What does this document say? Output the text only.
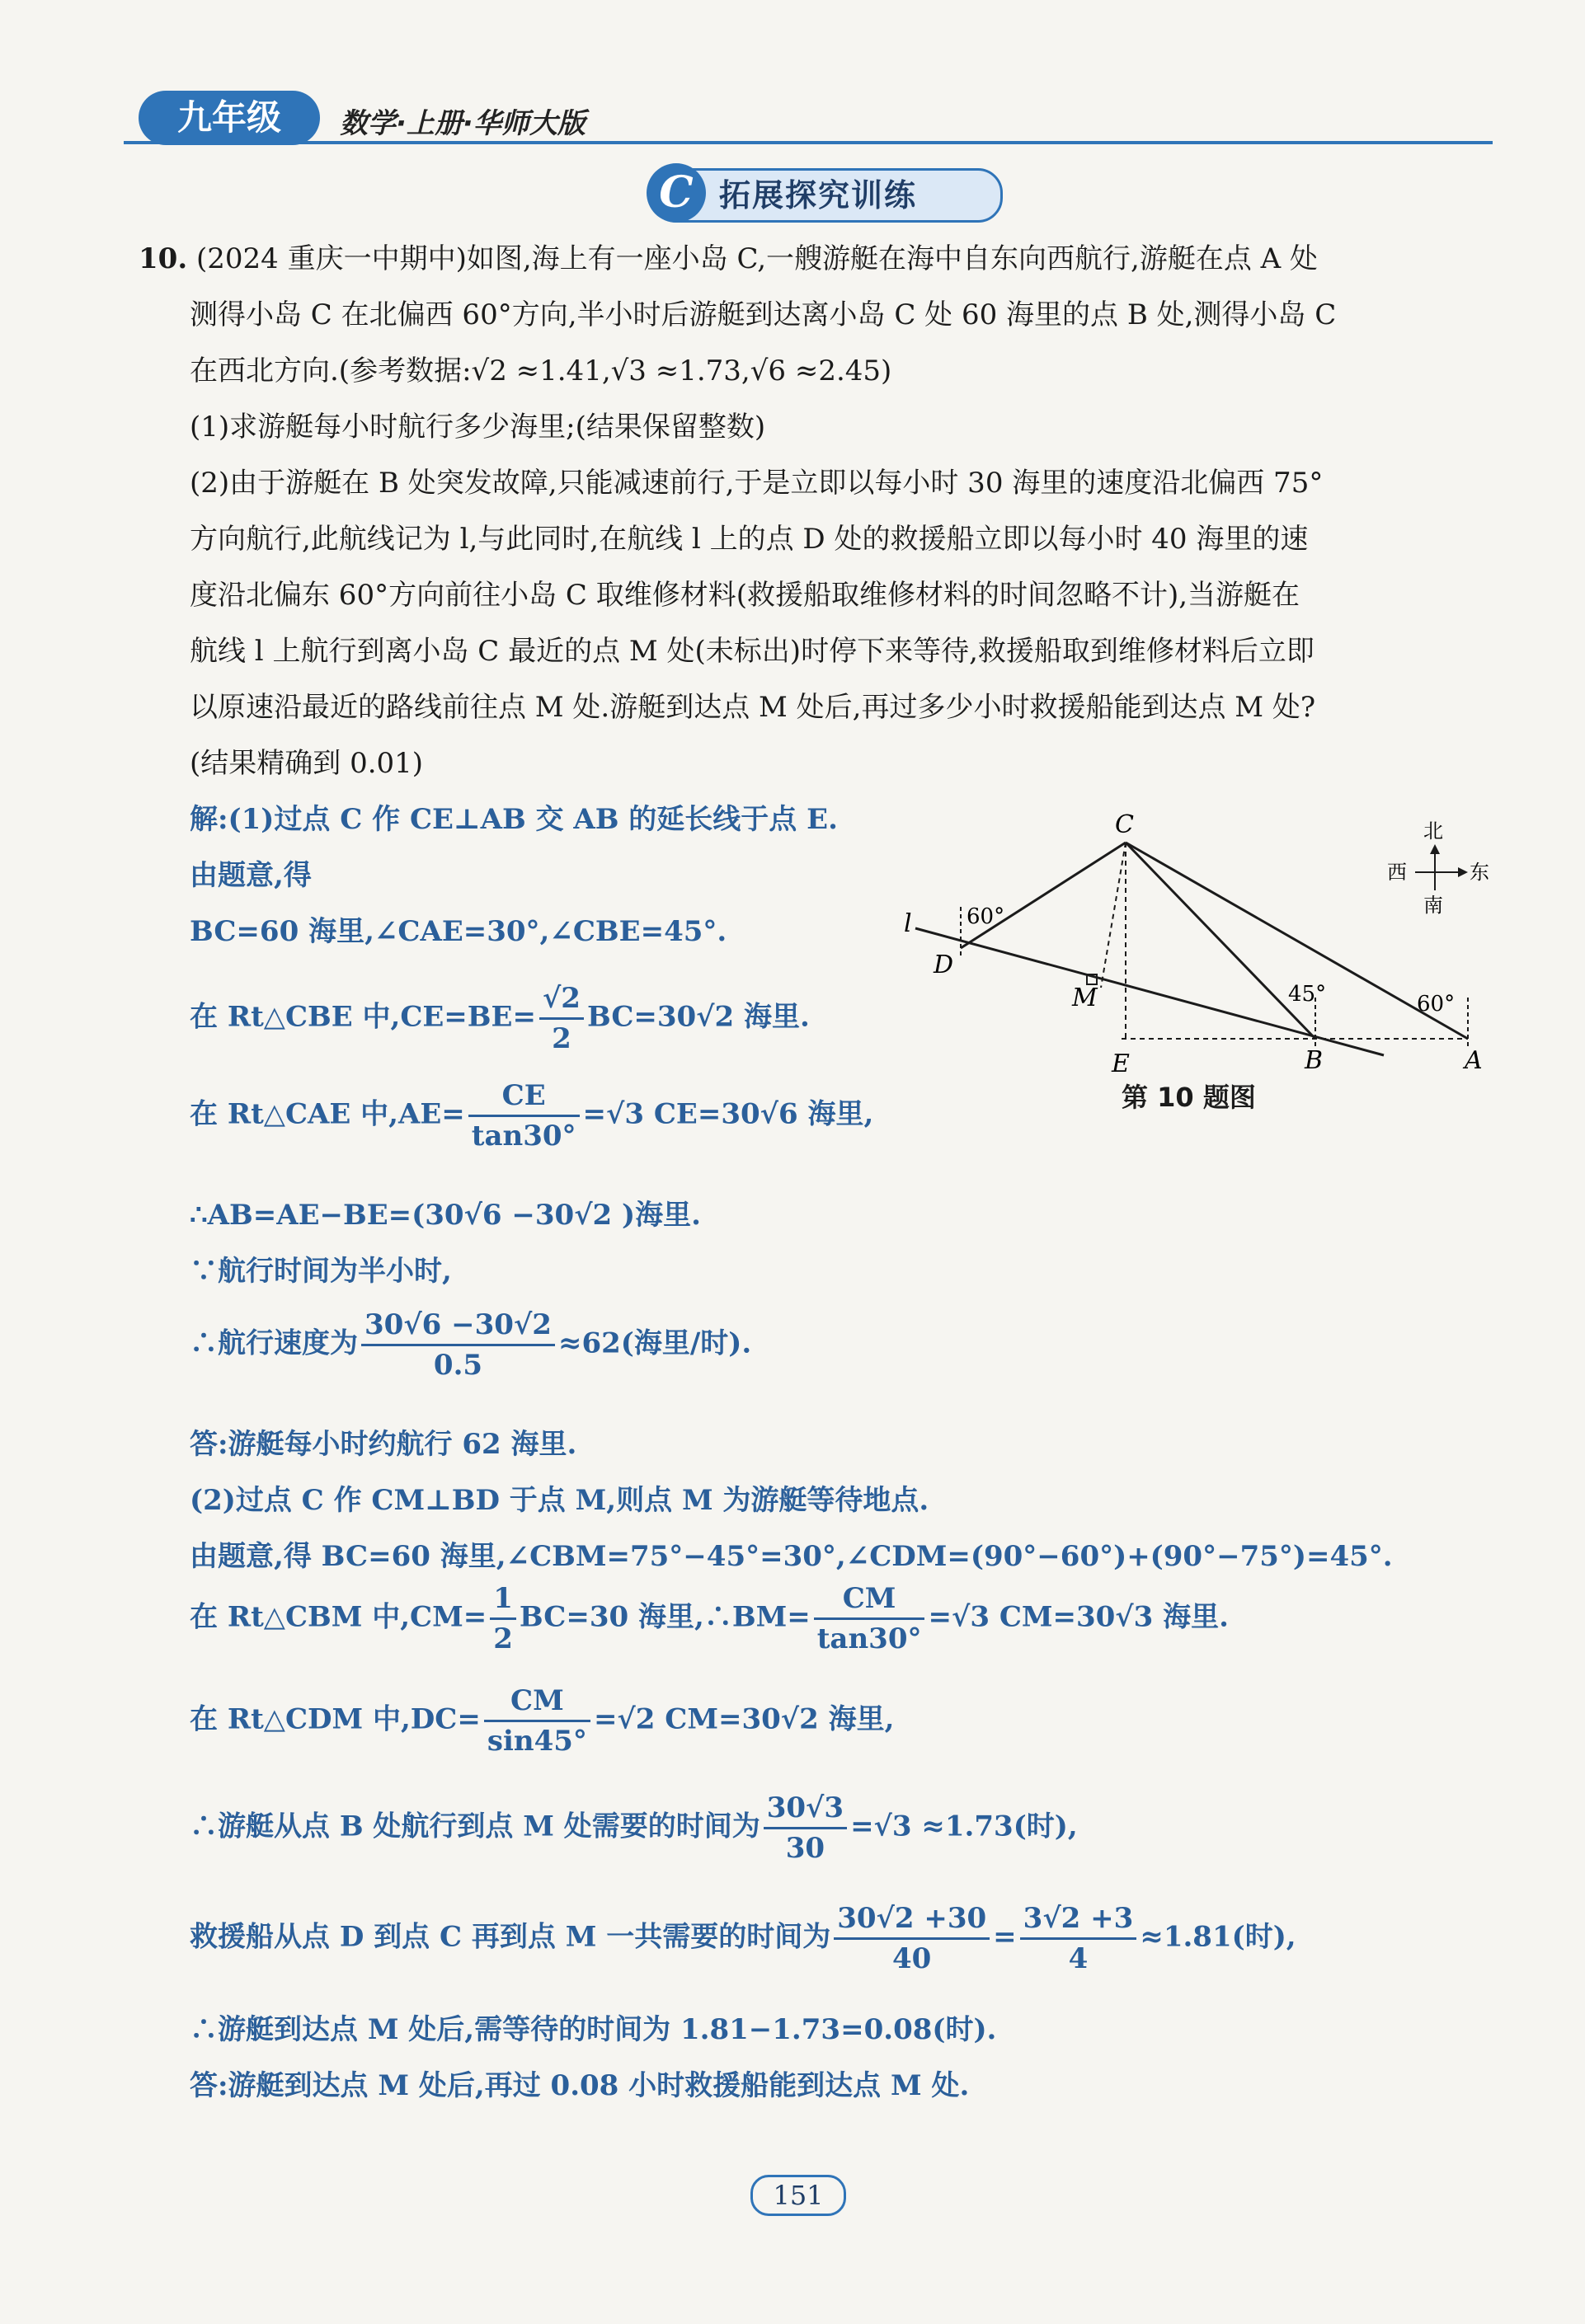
九年级	数学·上册·华师大版
C 拓展探究训练
10. (2024 重庆一中期中)如图,海上有一座小岛 C,一艘游艇在海中自东向西航行,游艇在点 A 处
测得小岛 C 在北偏西 60°方向,半小时后游艇到达离小岛 C 处 60 海里的点 B 处,测得小岛 C
在西北方向.(参考数据:√2 ≈1.41,√3 ≈1.73,√6 ≈2.45)
(1)求游艇每小时航行多少海里;(结果保留整数)
(2)由于游艇在 B 处突发故障,只能减速前行,于是立即以每小时 30 海里的速度沿北偏西 75°
方向航行,此航线记为 l,与此同时,在航线 l 上的点 D 处的救援船立即以每小时 40 海里的速
度沿北偏东 60°方向前往小岛 C 取维修材料(救援船取维修材料的时间忽略不计),当游艇在
航线 l 上航行到离小岛 C 最近的点 M 处(未标出)时停下来等待,救援船取到维修材料后立即
以原速沿最近的路线前往点 M 处.游艇到达点 M 处后,再过多少小时救援船能到达点 M 处?
(结果精确到 0.01)
解:(1)过点 C 作 CE⊥AB 交 AB 的延长线于点 E.
由题意,得
BC=60 海里,∠CAE=30°,∠CBE=45°.
在 Rt△CBE 中$,CE=BE= \frac{√2}{2} BC=30√2$ 海里.
在 Rt△CAE 中$,AE= \frac{CE}{\tan 30^\circ} =√3$ CE=30√6 海里,
∴AB=AE−BE=(30√6 −30√2 )海里.
∵航行时间为半小时,
∴航行速度为 $\frac{30√6 -30√2}{0.5} \approx 62$(海里/时).
答:游艇每小时约航行 62 海里.
(2)过点 C 作 CM⊥BD 于点 M,则点 M 为游艇等待地点.
由题意,得 BC=60 海里,∠CBM=75°−45°=30°,∠CDM=(90°−60°)+(90°−75°)=45°.
在 Rt△CBM 中$,CM= \frac{1}{2} BC=30$ 海里,∴BM= $\frac{CM}{\tan 30^\circ} =√3$ CM=30√3 海里.
在 Rt△CDM 中$,DC= \frac{CM}{\sin 45^\circ} =√2$ CM=30√2 海里,
∴游艇从点 B 处航行到点 M 处需要的时间为 $\frac{30√3}{30} =√3 \approx 1.73$(时),
救援船从点 D 到点 C 再到点 M 一共需要的时间为 $\frac{30√2 +30}{40} = \frac{3√2 +3}{4} \approx 1.81$(时),
∴游艇到达点 M 处后,需等待的时间为 1.81−1.73=0.08(时).
答:游艇到达点 M 处后,再过 0.08 小时救援船能到达点 M 处.
C
D
M
E	B	A
l	60°
45°	60°
北
南
西	东
第 10 题图
151
